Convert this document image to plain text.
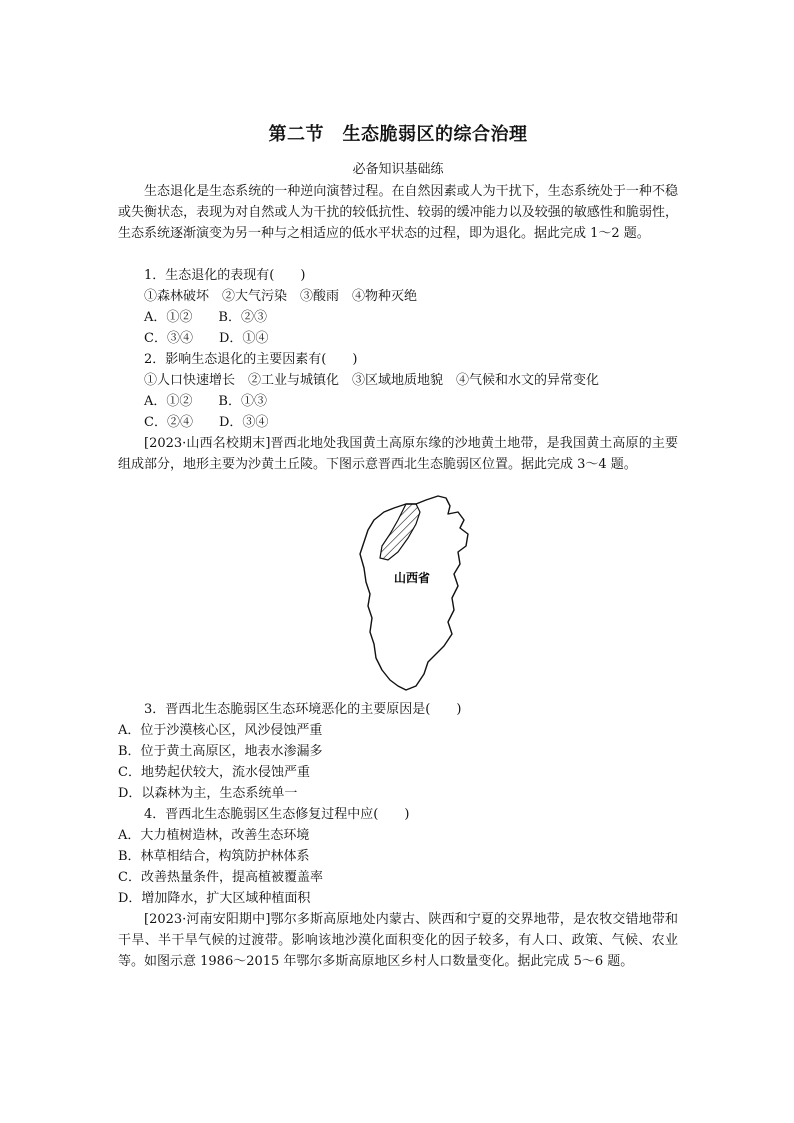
第二节　生态脆弱区的综合治理
必备知识基础练
生态退化是生态系统的一种逆向演替过程。在自然因素或人为干扰下，生态系统处于一种不稳或失衡状态，表现为对自然或人为干扰的较低抗性、较弱的缓冲能力以及较强的敏感性和脆弱性，生态系统逐渐演变为另一种与之相适应的低水平状态的过程，即为退化。据此完成 1～2 题。
1．生态退化的表现有(　　)
①森林破坏　②大气污染　③酸雨　④物种灭绝
A．①②　　B．②③
C．③④　　D．①④
2．影响生态退化的主要因素有(　　)
①人口快速增长　②工业与城镇化　③区域地质地貌　④气候和水文的异常变化
A．①②　　B．①③
C．②④　　D．③④
[2023·山西名校期末]晋西北地处我国黄土高原东缘的沙地黄土地带，是我国黄土高原的主要组成部分，地形主要为沙黄土丘陵。下图示意晋西北生态脆弱区位置。据此完成 3～4 题。
山西省
3．晋西北生态脆弱区生态环境恶化的主要原因是(　　)
A．位于沙漠核心区，风沙侵蚀严重
B．位于黄土高原区，地表水渗漏多
C．地势起伏较大，流水侵蚀严重
D．以森林为主，生态系统单一
4．晋西北生态脆弱区生态修复过程中应(　　)
A．大力植树造林，改善生态环境
B．林草相结合，构筑防护林体系
C．改善热量条件，提高植被覆盖率
D．增加降水，扩大区域种植面积
[2023·河南安阳期中]鄂尔多斯高原地处内蒙古、陕西和宁夏的交界地带，是农牧交错地带和干旱、半干旱气候的过渡带。影响该地沙漠化面积变化的因子较多，有人口、政策、气候、农业等。如图示意 1986～2015 年鄂尔多斯高原地区乡村人口数量变化。据此完成 5～6 题。
